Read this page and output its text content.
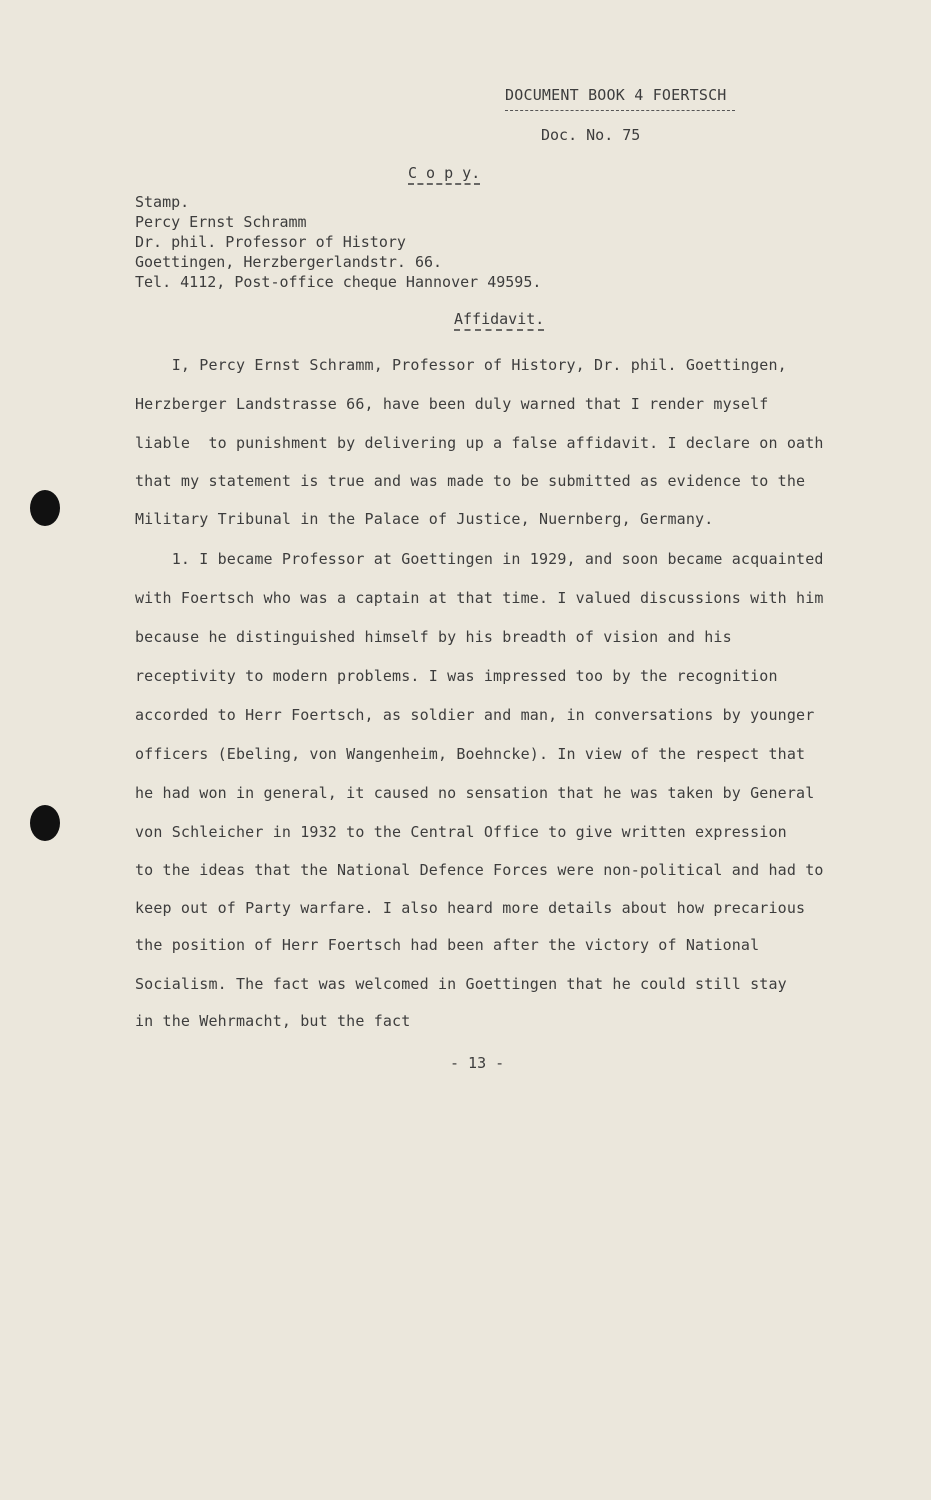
DOCUMENT BOOK 4 FOERTSCH
Doc. No. 75
C o p y.
Stamp.
Percy Ernst Schramm
Dr. phil. Professor of History
Goettingen, Herzbergerlandstr. 66.
Tel. 4112, Post-office cheque Hannover 49595.
Affidavit.
I, Percy Ernst Schramm, Professor of History, Dr. phil. Goettingen,
Herzberger Landstrasse 66, have been duly warned that I render myself
liable  to punishment by delivering up a false affidavit. I declare on oath
that my statement is true and was made to be submitted as evidence to the
Military Tribunal in the Palace of Justice, Nuernberg, Germany.
1. I became Professor at Goettingen in 1929, and soon became acquainted
with Foertsch who was a captain at that time. I valued discussions with him
because he distinguished himself by his breadth of vision and his
receptivity to modern problems. I was impressed too by the recognition
accorded to Herr Foertsch, as soldier and man, in conversations by younger
officers (Ebeling, von Wangenheim, Boehncke). In view of the respect that
he had won in general, it caused no sensation that he was taken by General
von Schleicher in 1932 to the Central Office to give written expression
to the ideas that the National Defence Forces were non-political and had to
keep out of Party warfare. I also heard more details about how precarious
the position of Herr Foertsch had been after the victory of National
Socialism. The fact was welcomed in Goettingen that he could still stay
in the Wehrmacht, but the fact
- 13 -
